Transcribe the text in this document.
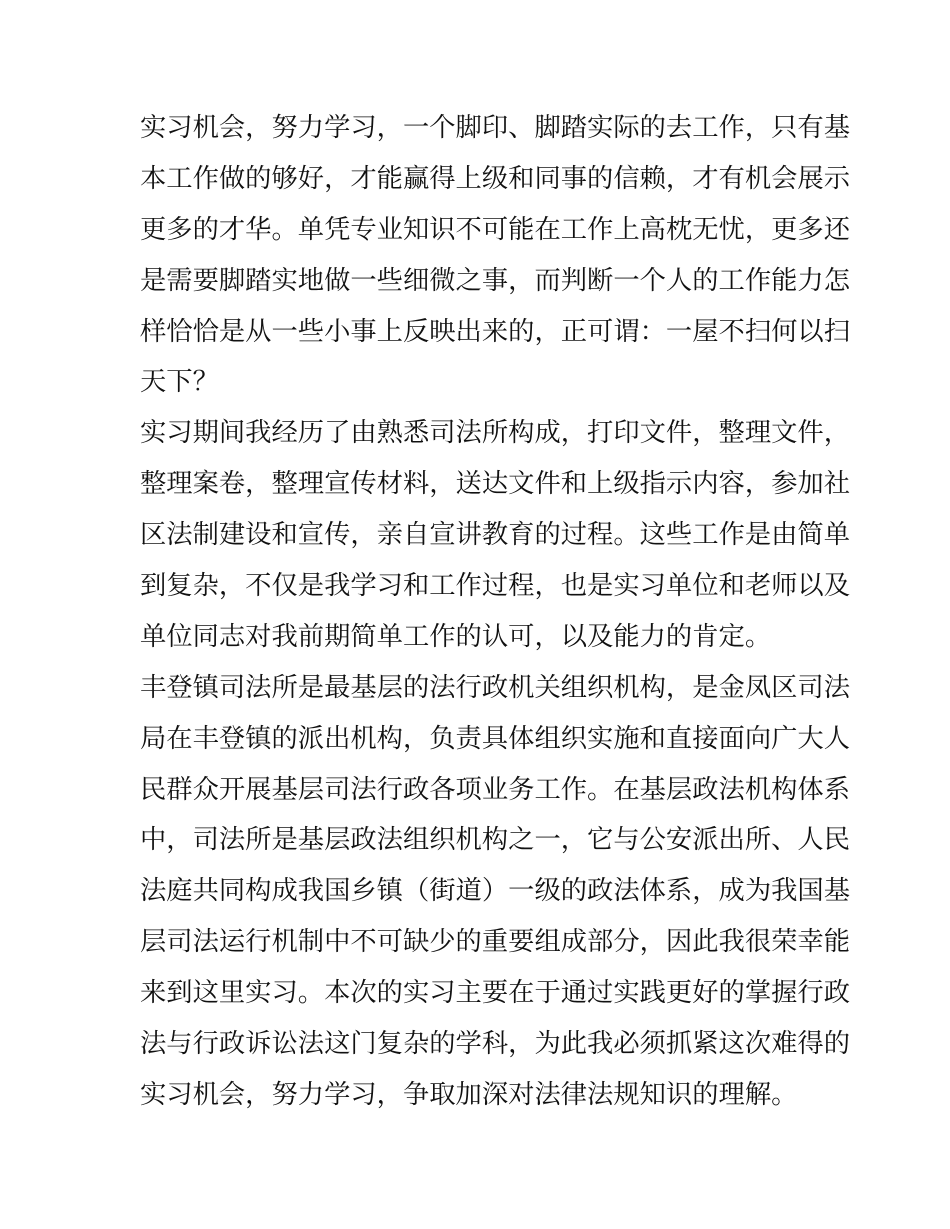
实习机会，努力学习，一个脚印、脚踏实际的去工作，只有基
本工作做的够好，才能赢得上级和同事的信赖，才有机会展示
更多的才华。单凭专业知识不可能在工作上高枕无忧，更多还
是需要脚踏实地做一些细微之事，而判断一个人的工作能力怎
样恰恰是从一些小事上反映出来的，正可谓：一屋不扫何以扫
天下？
实习期间我经历了由熟悉司法所构成，打印文件，整理文件，
整理案卷，整理宣传材料，送达文件和上级指示内容，参加社
区法制建设和宣传，亲自宣讲教育的过程。这些工作是由简单
到复杂，不仅是我学习和工作过程，也是实习单位和老师以及
单位同志对我前期简单工作的认可，以及能力的肯定。
丰登镇司法所是最基层的法行政机关组织机构，是金凤区司法
局在丰登镇的派出机构，负责具体组织实施和直接面向广大人
民群众开展基层司法行政各项业务工作。在基层政法机构体系
中，司法所是基层政法组织机构之一，它与公安派出所、人民
法庭共同构成我国乡镇（街道）一级的政法体系，成为我国基
层司法运行机制中不可缺少的重要组成部分，因此我很荣幸能
来到这里实习。本次的实习主要在于通过实践更好的掌握行政
法与行政诉讼法这门复杂的学科，为此我必须抓紧这次难得的
实习机会，努力学习，争取加深对法律法规知识的理解。
